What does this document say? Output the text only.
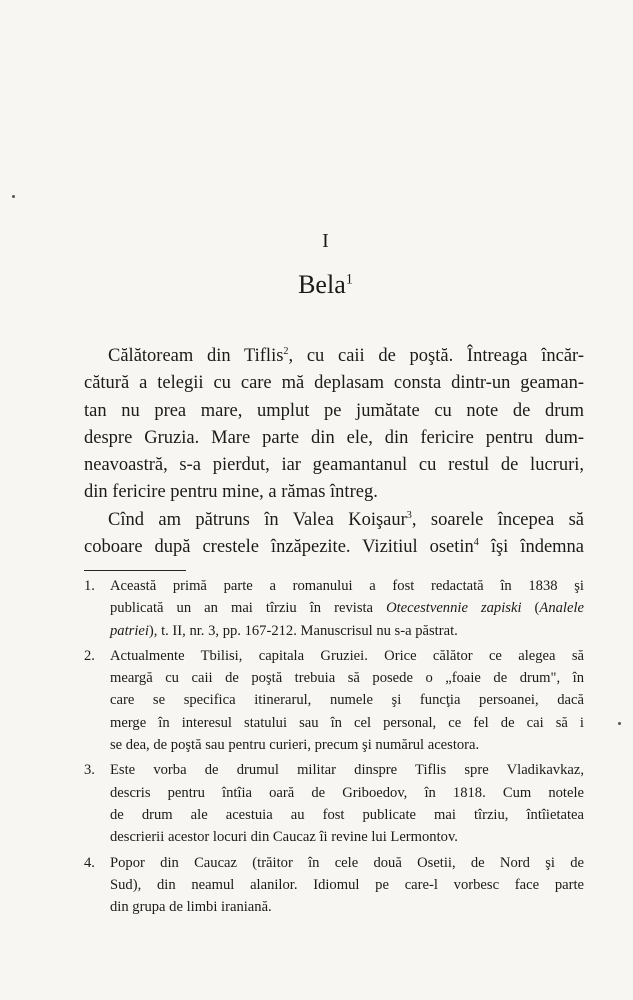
I
Bela$^1$
Călătoream din Tiflis$^2$, cu caii de poştă. Întreaga încăr-
cătură a telegii cu care mă deplasam consta dintr-un geaman-
tan nu prea mare, umplut pe jumătate cu note de drum
despre Gruzia. Mare parte din ele, din fericire pentru dum-
neavoastră, s-a pierdut, iar geamantanul cu restul de lucruri,
din fericire pentru mine, a rămas întreg.
Cînd am pătruns în Valea Koişaur$^3$, soarele începea să
coboare după crestele înzăpezite. Vizitiul osetin$^4$ îşi îndemna
1. Această primă parte a romanului a fost redactată în 1838 şi
publicată un an mai tîrziu în revista Otecestvennie zapiski (Analele
patriei), t. II, nr. 3, pp. 167-212. Manuscrisul nu s-a păstrat.
2. Actualmente Tbilisi, capitala Gruziei. Orice călător ce alegea să
meargă cu caii de poştă trebuia să posede o „foaie de drum", în
care se specifica itinerarul, numele şi funcţia persoanei, dacă
merge în interesul statului sau în cel personal, ce fel de cai să i
se dea, de poştă sau pentru curieri, precum şi numărul acestora.
3. Este vorba de drumul militar dinspre Tiflis spre Vladikavkaz,
descris pentru întîia oară de Griboedov, în 1818. Cum notele
de drum ale acestuia au fost publicate mai tîrziu, întîietatea
descrierii acestor locuri din Caucaz îi revine lui Lermontov.
4. Popor din Caucaz (trăitor în cele două Osetii, de Nord şi de
Sud), din neamul alanilor. Idiomul pe care-l vorbesc face parte
din grupa de limbi iraniană.
